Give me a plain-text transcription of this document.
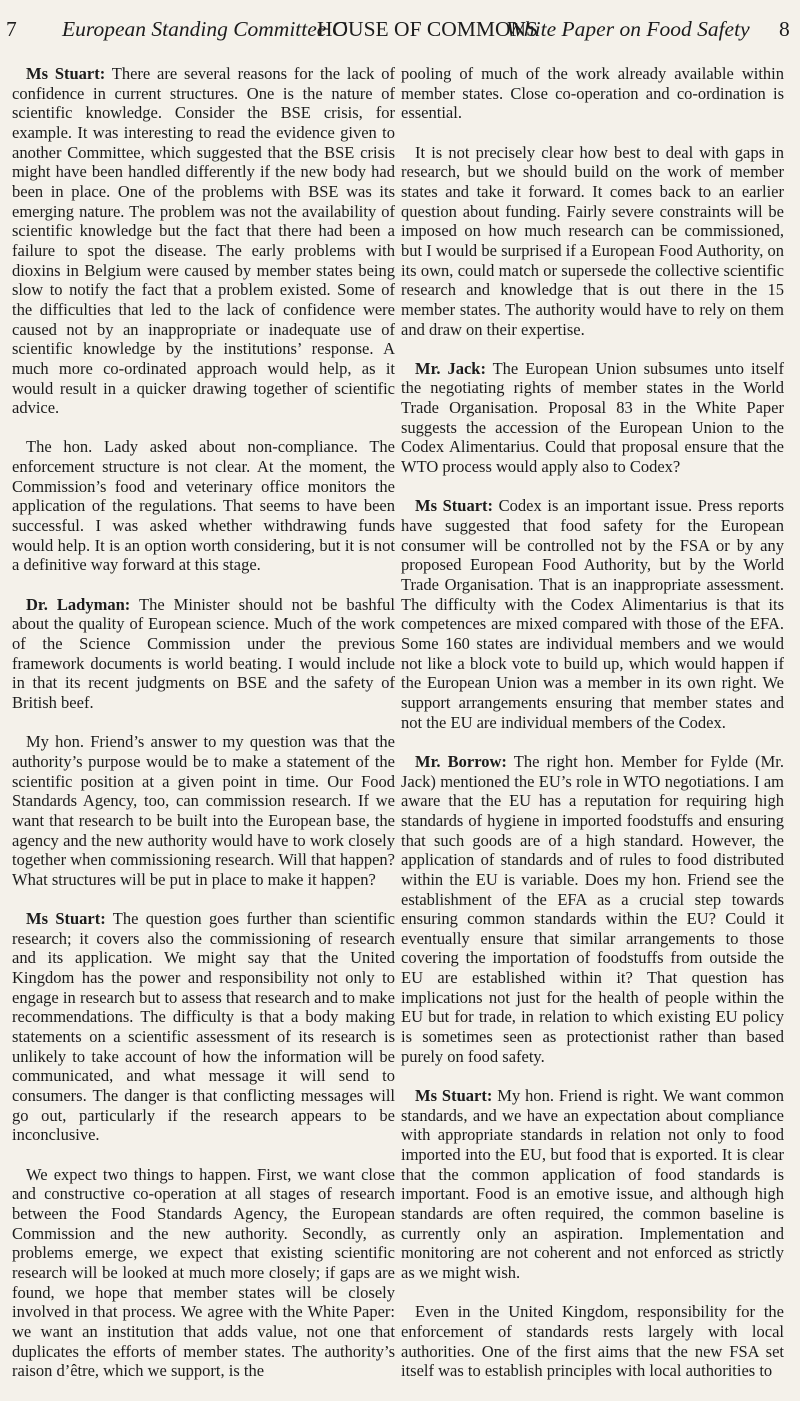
7 European Standing Committee C
HOUSE OF COMMONS
White Paper on Food Safety 8

Ms Stuart: There are several reasons for the lack of confidence in current structures. One is the nature of scientific knowledge. Consider the BSE crisis, for example. It was interesting to read the evidence given to another Committee, which suggested that the BSE crisis might have been handled differently if the new body had been in place. One of the problems with BSE was its emerging nature. The problem was not the availability of scientific knowledge but the fact that there had been a failure to spot the disease. The early problems with dioxins in Belgium were caused by member states being slow to notify the fact that a problem existed. Some of the difficulties that led to the lack of confidence were caused not by an inappropriate or inadequate use of scientific knowledge by the institutions’ response. A much more co-ordinated approach would help, as it would result in a quicker drawing together of scientific advice.

The hon. Lady asked about non-compliance. The enforcement structure is not clear. At the moment, the Commission’s food and veterinary office monitors the application of the regulations. That seems to have been successful. I was asked whether withdrawing funds would help. It is an option worth considering, but it is not a definitive way forward at this stage.

Dr. Ladyman: The Minister should not be bashful about the quality of European science. Much of the work of the Science Commission under the previous framework documents is world beating. I would include in that its recent judgments on BSE and the safety of British beef.

My hon. Friend’s answer to my question was that the authority’s purpose would be to make a statement of the scientific position at a given point in time. Our Food Standards Agency, too, can commission research. If we want that research to be built into the European base, the agency and the new authority would have to work closely together when commissioning research. Will that happen? What structures will be put in place to make it happen?

Ms Stuart: The question goes further than scientific research; it covers also the commissioning of research and its application. We might say that the United Kingdom has the power and responsibility not only to engage in research but to assess that research and to make recommendations. The difficulty is that a body making statements on a scientific assessment of its research is unlikely to take account of how the information will be communicated, and what message it will send to consumers. The danger is that conflicting messages will go out, particularly if the research appears to be inconclusive.

We expect two things to happen. First, we want close and constructive co-operation at all stages of research between the Food Standards Agency, the European Commission and the new authority. Secondly, as problems emerge, we expect that existing scientific research will be looked at much more closely; if gaps are found, we hope that member states will be closely involved in that process. We agree with the White Paper: we want an institution that adds value, not one that duplicates the efforts of member states. The authority’s raison d’être, which we support, is the

pooling of much of the work already available within member states. Close co-operation and co-ordination is essential.

It is not precisely clear how best to deal with gaps in research, but we should build on the work of member states and take it forward. It comes back to an earlier question about funding. Fairly severe constraints will be imposed on how much research can be commissioned, but I would be surprised if a European Food Authority, on its own, could match or supersede the collective scientific research and knowledge that is out there in the 15 member states. The authority would have to rely on them and draw on their expertise.

Mr. Jack: The European Union subsumes unto itself the negotiating rights of member states in the World Trade Organisation. Proposal 83 in the White Paper suggests the accession of the European Union to the Codex Alimentarius. Could that proposal ensure that the WTO process would apply also to Codex?

Ms Stuart: Codex is an important issue. Press reports have suggested that food safety for the European consumer will be controlled not by the FSA or by any proposed European Food Authority, but by the World Trade Organisation. That is an inappropriate assessment. The difficulty with the Codex Alimentarius is that its competences are mixed compared with those of the EFA. Some 160 states are individual members and we would not like a block vote to build up, which would happen if the European Union was a member in its own right. We support arrangements ensuring that member states and not the EU are individual members of the Codex.

Mr. Borrow: The right hon. Member for Fylde (Mr. Jack) mentioned the EU’s role in WTO negotiations. I am aware that the EU has a reputation for requiring high standards of hygiene in imported foodstuffs and ensuring that such goods are of a high standard. However, the application of standards and of rules to food distributed within the EU is variable. Does my hon. Friend see the establishment of the EFA as a crucial step towards ensuring common standards within the EU? Could it eventually ensure that similar arrangements to those covering the importation of foodstuffs from outside the EU are established within it? That question has implications not just for the health of people within the EU but for trade, in relation to which existing EU policy is sometimes seen as protectionist rather than based purely on food safety.

Ms Stuart: My hon. Friend is right. We want common standards, and we have an expectation about compliance with appropriate standards in relation not only to food imported into the EU, but food that is exported. It is clear that the common application of food standards is important. Food is an emotive issue, and although high standards are often required, the common baseline is currently only an aspiration. Implementation and monitoring are not coherent and not enforced as strictly as we might wish.

Even in the United Kingdom, responsibility for the enforcement of standards rests largely with local authorities. One of the first aims that the new FSA set itself was to establish principles with local authorities to
